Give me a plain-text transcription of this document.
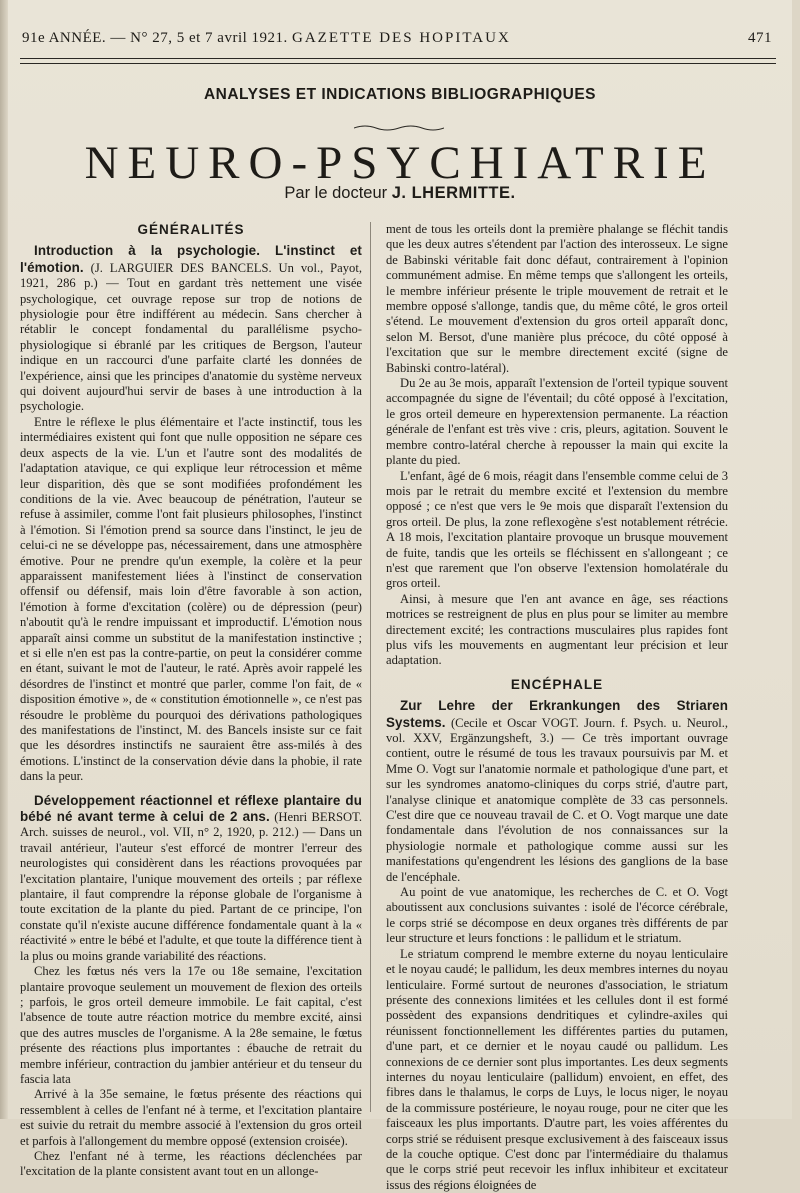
91e ANNÉE. — N° 27, 5 et 7 avril 1921. GAZETTE DES HOPITAUX	471
ANALYSES ET INDICATIONS BIBLIOGRAPHIQUES
NEURO-PSYCHIATRIE
Par le docteur J. LHERMITTE.
GÉNÉRALITÉS

Introduction à la psychologie. L'instinct et l'émotion. (J. LARGUIER DES BANCELS. Un vol., Payot, 1921, 286 p.) — Tout en gardant très nettement une visée psychologique, cet ouvrage repose sur trop de notions de physiologie pour être indifférent au médecin. Sans chercher à rétablir le concept fondamental du parallélisme psycho-physiologique si ébranlé par les critiques de Bergson, l'auteur indique en un raccourci d'une parfaite clarté les données de l'expérience, ainsi que les principes d'anatomie du système nerveux qui doivent aujourd'hui servir de bases à une introduction à la psychologie.

Entre le réflexe le plus élémentaire et l'acte instinctif, tous les intermédiaires existent qui font que nulle opposition ne sépare ces deux aspects de la vie. L'un et l'autre sont des modalités de l'adaptation atavique, ce qui explique leur rétrocession et même leur disparition, dès que se sont modifiées profondément les conditions de la vie. Avec beaucoup de pénétration, l'auteur se refuse à assimiler, comme l'ont fait plusieurs philosophes, l'instinct à l'émotion. Si l'émotion prend sa source dans l'instinct, le jeu de celui-ci ne se développe pas, nécessairement, dans une atmosphère émotive. Pour ne prendre qu'un exemple, la colère et la peur apparaissent manifestement liées à l'instinct de conservation offensif ou défensif, mais loin d'être favorable à son action, l'émotion à forme d'excitation (colère) ou de dépression (peur) n'aboutit qu'à le rendre impuissant et improductif. L'émotion nous apparaît ainsi comme un substitut de la manifestation instinctive ; et si elle n'en est pas la contre-partie, on peut la considérer comme en étant, suivant le mot de l'auteur, le raté. Après avoir rappelé les désordres de l'instinct et montré que parler, comme l'on fait, de « disposition émotive », de « constitution émotionnelle », ce n'est pas résoudre le problème du pourquoi des dérivations pathologiques des manifestations de l'instinct, M. des Bancels insiste sur ce fait que les désordres instinctifs ne sauraient être ass-milés à des émotions. L'instinct de la conservation dévie dans la phobie, il rate dans la peur.

Développement réactionnel et réflexe plantaire du bébé né avant terme à celui de 2 ans. (Henri BERSOT. Arch. suisses de neurol., vol. VII, n° 2, 1920, p. 212.) — Dans un travail antérieur, l'auteur s'est efforcé de montrer l'erreur des neurologistes qui considèrent dans les réactions provoquées par l'excitation plantaire, l'unique mouvement des orteils ; par réflexe plantaire, il faut comprendre la réponse globale de l'organisme à toute excitation de la plante du pied. Partant de ce principe, l'on constate qu'il n'existe aucune différence fondamentale quant à la « réactivité » entre le bébé et l'adulte, et que toute la différence tient à la plus ou moins grande variabilité des réactions.

Chez les fœtus nés vers la 17e ou 18e semaine, l'excitation plantaire provoque seulement un mouvement de flexion des orteils ; parfois, le gros orteil demeure immobile. Le fait capital, c'est l'absence de toute autre réaction motrice du membre excité, ainsi que des autres muscles de l'organisme. A la 28e semaine, le fœtus présente des réactions plus importantes : ébauche de retrait du membre inférieur, contraction du jambier antérieur et du tenseur du fascia lata

Arrivé à la 35e semaine, le fœtus présente des réactions qui ressemblent à celles de l'enfant né à terme, et l'excitation plantaire est suivie du retrait du membre associé à l'extension du gros orteil et parfois à l'allongement du membre opposé (extension croisée).

Chez l'enfant né à terme, les réactions déclenchées par l'excitation de la plante consistent avant tout en un allonge-

ment de tous les orteils dont la première phalange se fléchit tandis que les deux autres s'étendent par l'action des interosseux. Le signe de Babinski véritable fait donc défaut, contrairement à l'opinion communément admise. En même temps que s'allongent les orteils, le membre inférieur présente le triple mouvement de retrait et le membre opposé s'allonge, tandis que, du même côté, le gros orteil s'étend. Le mouvement d'extension du gros orteil apparaît donc, selon M. Bersot, d'une manière plus précoce, du côté opposé à l'excitation que sur le membre directement excité (signe de Babinski contro-latéral).

Du 2e au 3e mois, apparaît l'extension de l'orteil typique souvent accompagnée du signe de l'éventail; du côté opposé à l'excitation, le gros orteil demeure en hyperextension permanente. La réaction générale de l'enfant est très vive : cris, pleurs, agitation. Souvent le membre contro-latéral cherche à repousser la main qui excite la plante du pied.

L'enfant, âgé de 6 mois, réagit dans l'ensemble comme celui de 3 mois par le retrait du membre excité et l'extension du membre opposé ; ce n'est que vers le 9e mois que disparaît l'extension du gros orteil. De plus, la zone reflexogène s'est notablement rétrécie. A 18 mois, l'excitation plantaire provoque un brusque mouvement de fuite, tandis que les orteils se fléchissent en s'allongeant ; ce n'est que rarement que l'on observe l'extension homolatérale du gros orteil.

Ainsi, à mesure que l'en ant avance en âge, ses réactions motrices se restreignent de plus en plus pour se limiter au membre directement excité; les contractions musculaires plus rapides font plus vifs les mouvements en augmentant leur précision et leur adaptation.

ENCÉPHALE

Zur Lehre der Erkrankungen des Striaren Systems. (Cecile et Oscar VOGT. Journ. f. Psych. u. Neurol., vol. XXV, Ergänzungsheft, 3.) — Ce très important ouvrage contient, outre le résumé de tous les travaux poursuivis par M. et Mme O. Vogt sur l'anatomie normale et pathologique d'une part, et sur les syndromes anatomo-cliniques du corps strié, d'autre part, l'analyse clinique et anatomique complète de 33 cas personnels. C'est dire que ce nouveau travail de C. et O. Vogt marque une date fondamentale dans l'évolution de nos connaissances sur la physiologie normale et pathologique comme aussi sur les manifestations qu'engendrent les lésions des ganglions de la base de l'encéphale.

Au point de vue anatomique, les recherches de C. et O. Vogt aboutissent aux conclusions suivantes : isolé de l'écorce cérébrale, le corps strié se décompose en deux organes très différents de par leur structure et leurs fonctions : le pallidum et le striatum.

Le striatum comprend le membre externe du noyau lenticulaire et le noyau caudé; le pallidum, les deux membres internes du noyau lenticulaire. Formé surtout de neurones d'association, le striatum présente des connexions limitées et les cellules dont il est formé possèdent des expansions dendritiques et cylindre-axiles qui réunissent fonctionnellement les différentes parties du putamen, d'une part, et ce dernier et le noyau caudé ou pallidum. Les connexions de ce dernier sont plus importantes. Les deux segments internes du noyau lenticulaire (pallidum) envoient, en effet, des fibres dans le thalamus, le corps de Luys, le locus niger, le noyau de la commissure postérieure, le noyau rouge, pour ne citer que les faisceaux les plus importants. D'autre part, les voies afférentes du corps strié se réduisent presque exclusivement à des faisceaux issus de la couche optique. C'est donc par l'intermédiaire du thalamus que le corps strié peut recevoir les influx inhibiteur et excitateur issus des régions éloignées de
